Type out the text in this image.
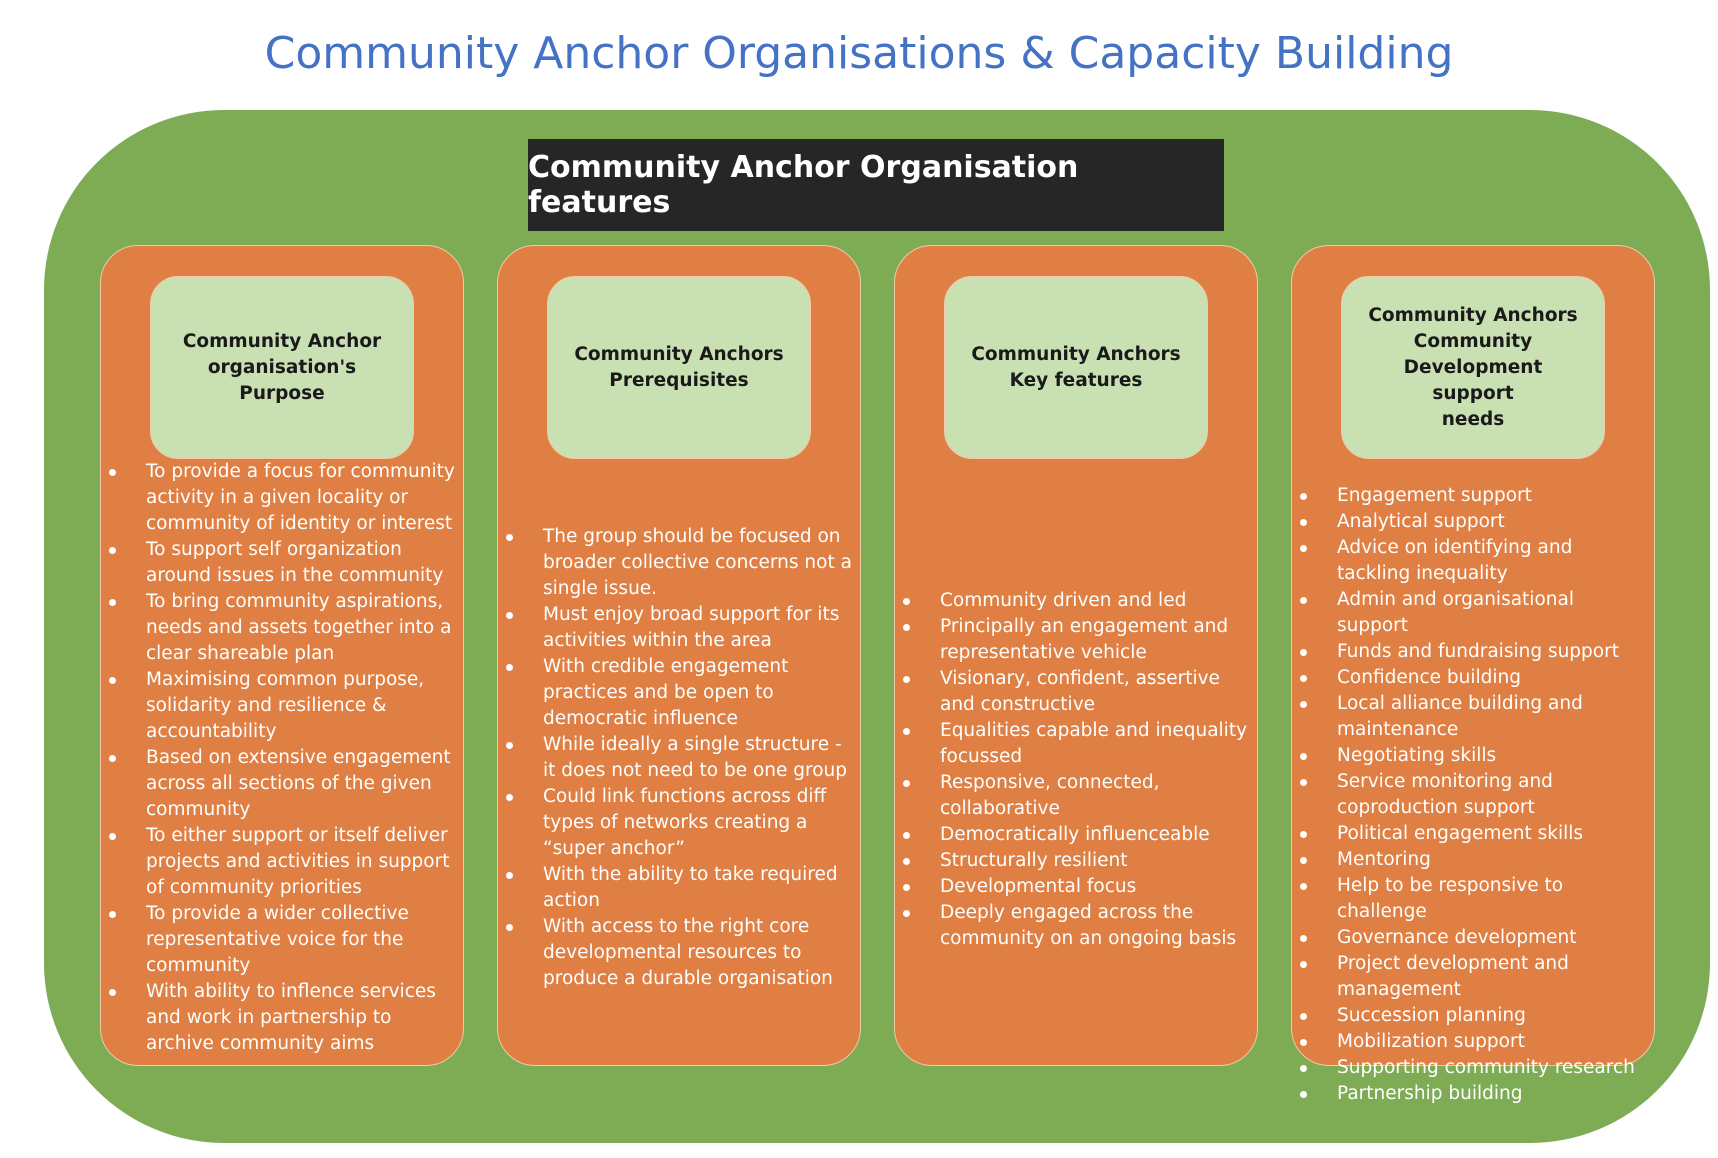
Community Anchor Organisations & Capacity Building
Community Anchor Organisation features
Community Anchor
organisation's
Purpose
To provide a focus for community activity in a given locality or community of identity or interest
To support self organization around issues in the community
To bring community aspirations, needs and assets together into a clear shareable plan
Maximising common purpose, solidarity and resilience & accountability
Based on extensive engagement across all sections of the given community
To either support or itself deliver projects and activities in support of community priorities
To provide a wider collective representative voice for the community
With ability to inflence services and work in partnership to archive community aims
Community Anchors
Prerequisites
The group should be focused on broader collective concerns not a single issue.
Must enjoy broad support for its activities within the area
With credible engagement practices and be open to democratic influence
While ideally a single structure - it does not need to be one group
Could link functions across diff types of networks creating a “super anchor”
With the ability to take required action
With access to the right core developmental resources to produce a durable organisation
Community Anchors
Key features
Community driven and led
Principally an engagement and representative vehicle
Visionary, confident, assertive and constructive
Equalities capable and inequality focussed
Responsive, connected, collaborative
Democratically influenceable
Structurally resilient
Developmental focus
Deeply engaged across the community on an ongoing basis
Community Anchors
Community Development
support
needs
Engagement support
Analytical support
Advice on identifying and tackling inequality
Admin and organisational support
Funds and fundraising support
Confidence building
Local alliance building and maintenance
Negotiating skills
Service monitoring and coproduction support
Political engagement skills
Mentoring
Help to be responsive to challenge
Governance development
Project development and management
Succession planning
Mobilization support
Supporting community research
Partnership building
